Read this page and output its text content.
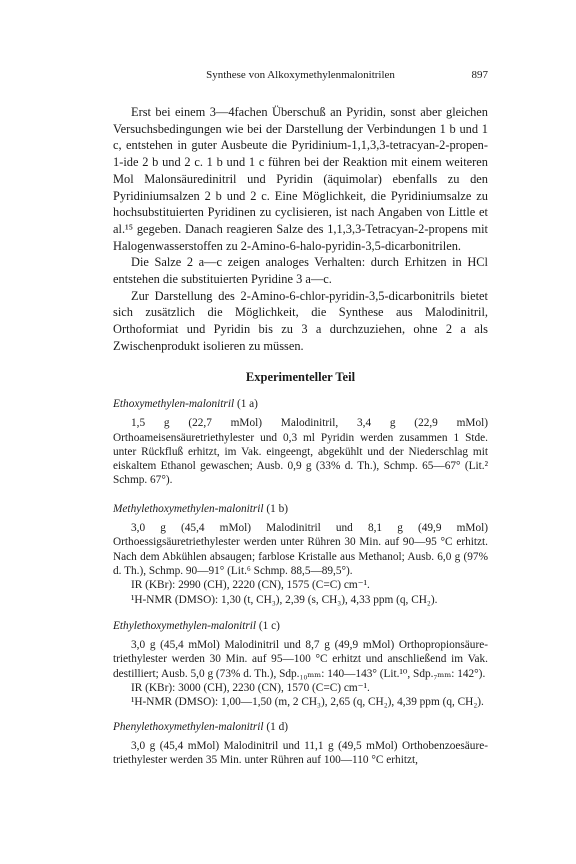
Synthese von Alkoxymethylenmalonitrilen	897

Erst bei einem 3—4fachen Überschuß an Pyridin, sonst aber gleichen Versuchsbedingungen wie bei der Darstellung der Verbindungen 1 b und 1 c, entstehen in guter Ausbeute die Pyridinium-1,1,3,3-tetracyan-2-propen-1-ide 2 b und 2 c. 1 b und 1 c führen bei der Reaktion mit einem weiteren Mol Malonsäuredinitril und Pyridin (äquimolar) ebenfalls zu den Pyridiniumsalzen 2 b und 2 c. Eine Möglichkeit, die Pyridiniumsalze zu hochsubstituierten Pyridinen zu cyclisieren, ist nach Angaben von Little et al.¹⁵ gegeben. Danach reagieren Salze des 1,1,3,3-Tetracyan-2-propens mit Halogenwasserstoffen zu 2-Amino-6-halo-pyridin-3,5-dicarbonitrilen.

Die Salze 2 a—c zeigen analoges Verhalten: durch Erhitzen in HCl entstehen die substituierten Pyridine 3 a—c.

Zur Darstellung des 2-Amino-6-chlor-pyridin-3,5-dicarbonitrils bietet sich zusätzlich die Möglichkeit, die Synthese aus Malodinitril, Orthoformiat und Pyridin bis zu 3 a durchzuziehen, ohne 2 a als Zwischenprodukt isolieren zu müssen.

Experimenteller Teil

Ethoxymethylen-malonitril (1 a)

1,5 g (22,7 mMol) Malodinitril, 3,4 g (22,9 mMol) Orthoameisensäuretriethylester und 0,3 ml Pyridin werden zusammen 1 Stde. unter Rückfluß erhitzt, im Vak. eingeengt, abgekühlt und der Niederschlag mit eiskaltem Ethanol gewaschen; Ausb. 0,9 g (33% d. Th.), Schmp. 65—67° (Lit.² Schmp. 67°).

Methylethoxymethylen-malonitril (1 b)

3,0 g (45,4 mMol) Malodinitril und 8,1 g (49,9 mMol) Orthoessigsäuretriethylester werden unter Rühren 30 Min. auf 90—95 °C erhitzt. Nach dem Abkühlen absaugen; farblose Kristalle aus Methanol; Ausb. 6,0 g (97% d. Th.), Schmp. 90—91° (Lit.⁶ Schmp. 88,5—89,5°).

IR (KBr): 2990 (CH), 2220 (CN), 1575 (C=C) cm⁻¹.

¹H-NMR (DMSO): 1,30 (t, CH₃), 2,39 (s, CH₃), 4,33 ppm (q, CH₂).

Ethylethoxymethylen-malonitril (1 c)

3,0 g (45,4 mMol) Malodinitril und 8,7 g (49,9 mMol) Orthopropionsäure-triethylester werden 30 Min. auf 95—100 °C erhitzt und anschließend im Vak. destilliert; Ausb. 5,0 g (73% d. Th.), Sdp.₁₀ₘₘ: 140—143° (Lit.¹⁰, Sdp.₇ₘₘ: 142°).

IR (KBr): 3000 (CH), 2230 (CN), 1570 (C=C) cm⁻¹.

¹H-NMR (DMSO): 1,00—1,50 (m, 2 CH₃), 2,65 (q, CH₂), 4,39 ppm (q, CH₂).

Phenylethoxymethylen-malonitril (1 d)

3,0 g (45,4 mMol) Malodinitril und 11,1 g (49,5 mMol) Orthobenzoesäure-triethylester werden 35 Min. unter Rühren auf 100—110 °C erhitzt,
